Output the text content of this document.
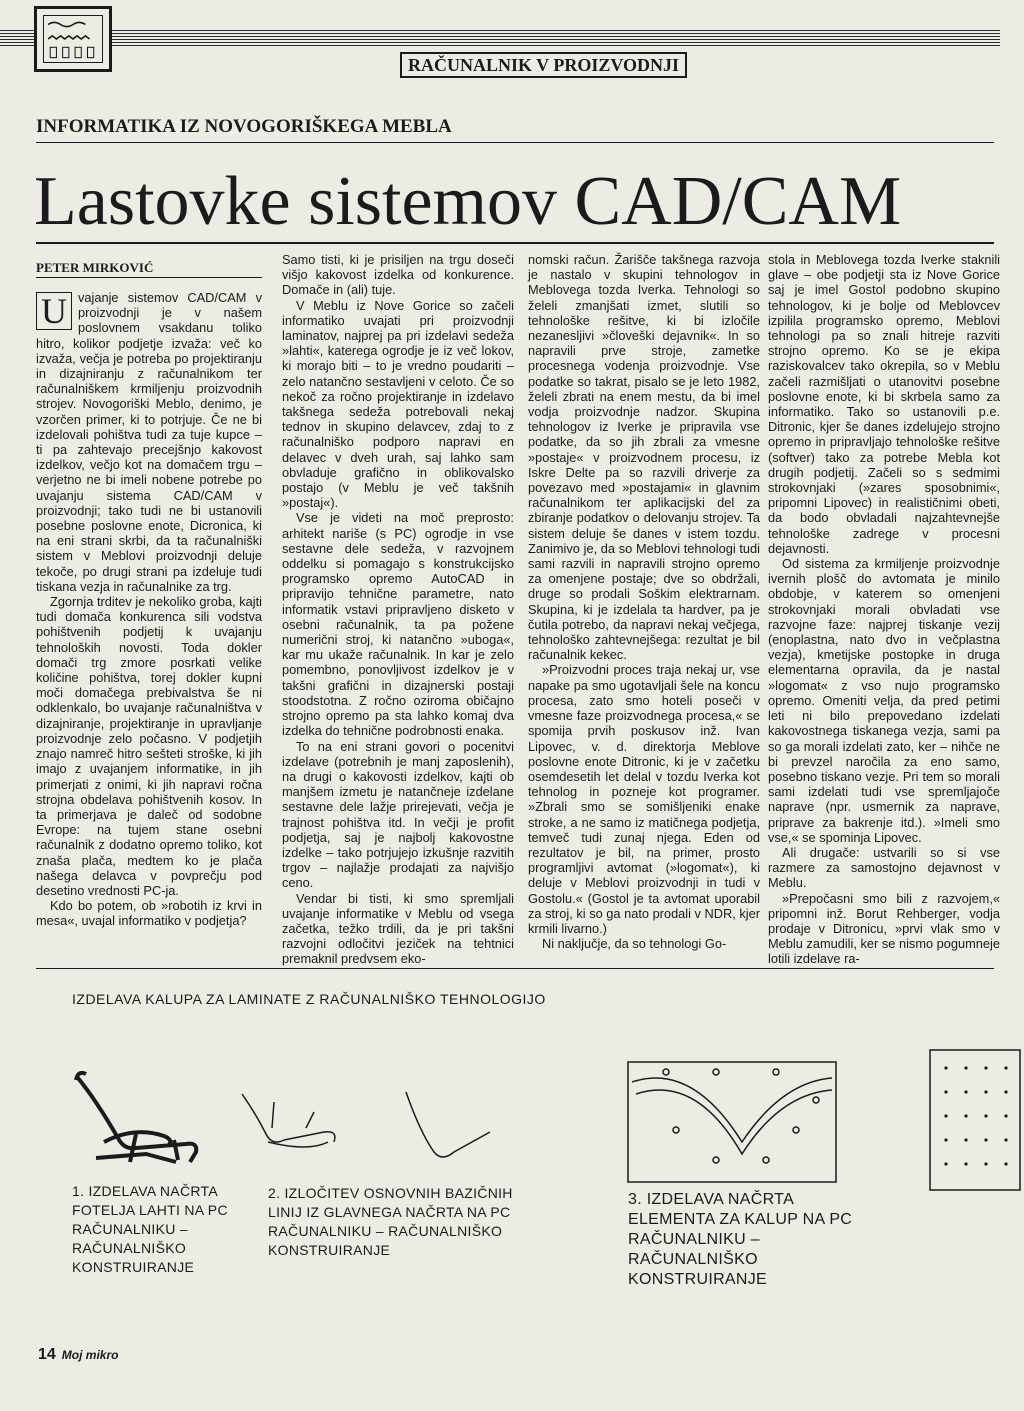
RAČUNALNIK V PROIZVODNJI
INFORMATIKA IZ NOVOGORIŠKEGA MEBLA
Lastovke sistemov CAD/CAM
PETER MIRKOVIĆ

U vajanje sistemov CAD/CAM v proizvodnji je v našem poslovnem vsakdanu toliko hitro, kolikor podjetje izvaža: več ko izvaža, večja je potreba po projektiranju in dizajniranju z računalnikom ter računalniškem krmiljenju proizvodnih strojev. Novogoriški Meblo, denimo, je vzorčen primer, ki to potrjuje. Če ne bi izdelovali pohištva tudi za tuje kupce – ti pa zahtevajo precejšnjo kakovost izdelkov, večjo kot na domačem trgu – verjetno ne bi imeli nobene potrebe po uvajanju sistema CAD/CAM v proizvodnji; tako tudi ne bi ustanovili posebne poslovne enote, Dicronica, ki na eni strani skrbi, da ta računalniški sistem v Meblovi proizvodnji deluje tekoče, po drugi strani pa izdeluje tudi tiskana vezja in računalnike za trg.

Zgornja trditev je nekoliko groba, kajti tudi domača konkurenca sili vodstva pohištvenih podjetij k uvajanju tehnoloških novosti. Toda dokler domači trg zmore posrkati velike količine pohištva, torej dokler kupni moči domačega prebivalstva še ni odklenkalo, bo uvajanje računalništva v dizajniranje, projektiranje in upravljanje proizvodnje zelo počasno. V podjetjih znajo namreč hitro sešteti stroške, ki jih imajo z uvajanjem informatike, in jih primerjati z onimi, ki jih napravi ročna strojna obdelava pohištvenih kosov. In ta primerjava je daleč od sodobne Evrope: na tujem stane osebni računalnik z dodatno opremo toliko, kot znaša plača, medtem ko je plača našega delavca v povprečju pod desetino vrednosti PC-ja.

Kdo bo potem, ob »robotih iz krvi in mesa«, uvajal informatiko v podjetja?

Samo tisti, ki je prisiljen na trgu doseči višjo kakovost izdelka od konkurence. Domače in (ali) tuje.

V Meblu iz Nove Gorice so začeli informatiko uvajati pri proizvodnji laminatov, najprej pa pri izdelavi sedeža »lahti«, katerega ogrodje je iz več lokov, ki morajo biti – to je vredno poudariti – zelo natančno sestavljeni v celoto. Če so nekoč za ročno projektiranje in izdelavo takšnega sedeža potrebovali nekaj tednov in skupino delavcev, zdaj to z računalniško podporo napravi en delavec v dveh urah, saj lahko sam obvladuje grafično in oblikovalsko postajo (v Meblu je več takšnih »postaj«).

Vse je videti na moč preprosto: arhitekt nariše (s PC) ogrodje in vse sestavne dele sedeža, v razvojnem oddelku si pomagajo s konstrukcijsko programsko opremo AutoCAD in pripravijo tehnične parametre, nato informatik vstavi pripravljeno disketo v osebni računalnik, ta pa požene numerični stroj, ki natančno »ubogа«, kar mu ukaže računalnik. In kar je zelo pomembno, ponovljivost izdelkov je v takšni grafični in dizajnerski postaji stoodstotna. Z ročno oziroma običajno strojno opremo pa sta lahko komaj dva izdelka do tehnične podrobnosti enaka.

To na eni strani govori o pocenitvi izdelave (potrebnih je manj zaposlenih), na drugi o kakovosti izdelkov, kajti ob manjšem izmetu je natančneje izdelane sestavne dele lažje prirejevati, večja je trajnost pohištva itd. In večji je profit podjetja, saj je najbolj kakovostne izdelke – tako potrjujejo izkušnje razvitih trgov – najlažje prodajati za najvišjo ceno.

Vendar bi tisti, ki smo spremljali uvajanje informatike v Meblu od vsega začetka, težko trdili, da je pri takšni razvojni odločitvi jeziček na tehtnici premaknil predvsem eko-

nomski račun. Žarišče takšnega razvoja je nastalo v skupini tehnologov in Meblovega tozda Iverka. Tehnologi so želeli zmanjšati izmet, slutili so tehnološke rešitve, ki bi izločile nezanesljivi »človeški dejavnik«. In so napravili prve stroje, zametke procesnega vodenja proizvodnje. Vse podatke so takrat, pisalo se je leto 1982, želeli zbrati na enem mestu, da bi imel vodja proizvodnje nadzor. Skupina tehnologov iz Iverke je pripravila vse podatke, da so jih zbrali za vmesne »postaje« v proizvodnem procesu, iz Iskre Delte pa so razvili driverje za povezavo med »postajami« in glavnim računalnikom ter aplikacijski del za zbiranje podatkov o delovanju strojev. Ta sistem deluje še danes v istem tozdu. Zanimivo je, da so Meblovi tehnologi tudi sami razvili in napravili strojno opremo za omenjene postaje; dve so obdržali, druge so prodali Soškim elektrarnam. Skupina, ki je izdelala ta hardver, pa je čutila potrebo, da napravi nekaj večjega, tehnološko zahtevnejšega: rezultat je bil računalnik kekec.

»Proizvodni proces traja nekaj ur, vse napake pa smo ugotavljali šele na koncu procesa, zato smo hoteli poseči v vmesne faze proizvodnega procesa,« se spomija prvih poskusov inž. Ivan Lipovec, v. d. direktorja Meblove poslovne enote Ditronic, ki je v začetku osemdesetih let delal v tozdu Iverka kot tehnolog in pozneje kot programer. »Zbrali smo se somišljeniki enake stroke, a ne samo iz matičnega podjetja, temveč tudi zunaj njega. Eden od rezultatov je bil, na primer, prosto programljivi avtomat (»logomat«), ki deluje v Meblovi proizvodnji in tudi v Gostolu.« (Gostol je ta avtomat uporabil za stroj, ki so ga nato prodali v NDR, kjer krmili livarno.)

Ni naključje, da so tehnologi Go-

stola in Meblovega tozda Iverke staknili glave – obe podjetji sta iz Nove Gorice saj je imel Gostol podobno skupino tehnologov, ki je bolje od Meblovcev izpilila programsko opremo, Meblovi tehnologi pa so znali hitreje razviti strojno opremo. Ko se je ekipa raziskovalcev tako okrepila, so v Meblu začeli razmišljati o utanovitvi posebne poslovne enote, ki bi skrbela samo za informatiko. Tako so ustanovili p.e. Ditronic, kjer še danes izdelujejo strojno opremo in pripravljajo tehnološke rešitve (softver) tako za potrebe Mebla kot drugih podjetij. Začeli so s sedmimi strokovnjaki (»zares sposobnimi«, pripomni Lipovec) in realističnimi obeti, da bodo obvladali najzahtevnejše tehnološke zadrege v procesni dejavnosti.

Od sistema za krmiljenje proizvodnje ivernih plošč do avtomata je minilo obdobje, v katerem so omenjeni strokovnjaki morali obvladati vse razvojne faze: najprej tiskanje vezij (enoplastna, nato dvo in večplastna vezja), kmetijske postopke in druga elementarna opravila, da je nastal »logomat« z vso nujo programsko opremo. Omeniti velja, da pred petimi leti ni bilo prepovedano izdelati kakovostnega tiskanega vezja, sami pa so ga morali izdelati zato, ker – nihče ne bi prevzel naročila za eno samo, posebno tiskano vezje. Pri tem so morali sami izdelati tudi vse spremljajoče naprave (npr. usmernik za naprave, pripravе za bakrenje itd.). »Imeli smo vse,« se spominja Lipovec.

Ali drugače: ustvarili so si vse razmere za samostojno dejavnost v Meblu.

»Prepočasni smo bili z razvojem,« pripomni inž. Borut Rehberger, vodja prodaje v Ditronicu, »prvi vlak smo v Meblu zamudili, ker se nismo pogumneje lotili izdelave ra-

IZDELAVA KALUPA ZA LAMINATE Z RAČUNALNIŠKO TEHNOLOGIJO
1. IZDELAVA NAČRTA FOTELJA LAHTI NA PC RAČUNALNIKU – RAČUNALNIŠKO KONSTRUIRANJE
2. IZLOČITEV OSNOVNIH BAZIČNIH LINIJ IZ GLAVNEGA NAČRTA NA PC RAČUNALNIKU – RAČUNALNIŠKO KONSTRUIRANJE
3. IZDELAVA NAČRTA ELEMENTA ZA KALUP NA PC RAČUNALNIKU – RAČUNALNIŠKO KONSTRUIRANJE
14 Moj mikro
